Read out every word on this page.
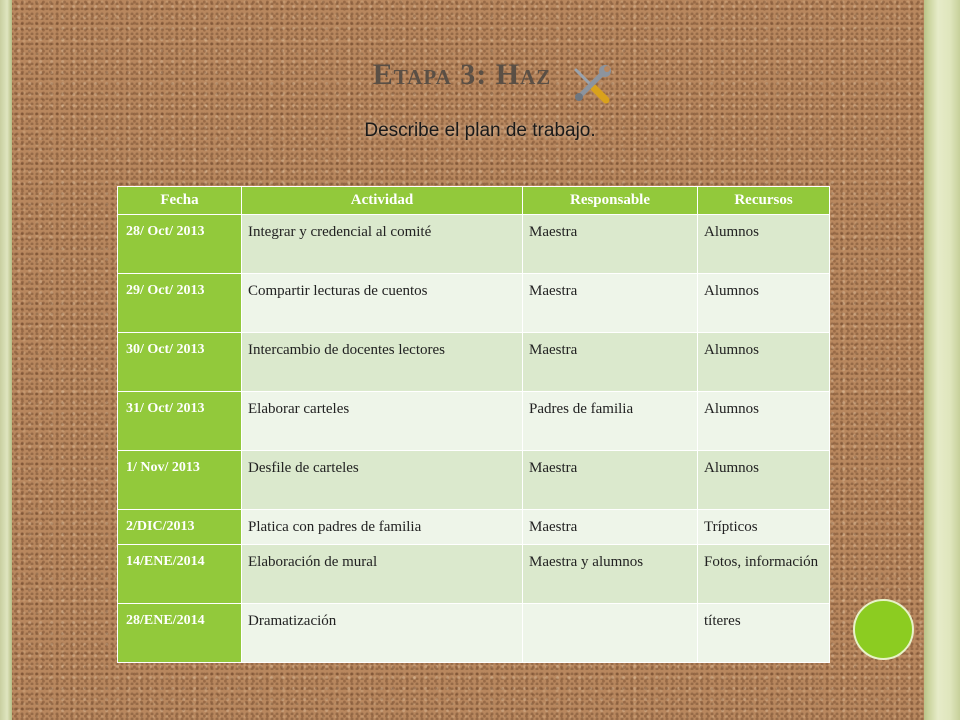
Etapa 3: Haz
Describe el plan de trabajo.
Fecha	Actividad	Responsable	Recursos
28/ Oct/ 2013	Integrar y credencial al comité	Maestra	Alumnos
29/ Oct/ 2013	Compartir lecturas de cuentos	Maestra	Alumnos
30/ Oct/ 2013	Intercambio de docentes lectores	Maestra	Alumnos
31/ Oct/ 2013	Elaborar carteles	Padres de familia	Alumnos
1/ Nov/ 2013	Desfile de carteles	Maestra	Alumnos
2/DIC/2013	Platica con padres de familia	Maestra	Trípticos
14/ENE/2014	Elaboración de mural	Maestra y alumnos	Fotos, información
28/ENE/2014	Dramatización		títeres
